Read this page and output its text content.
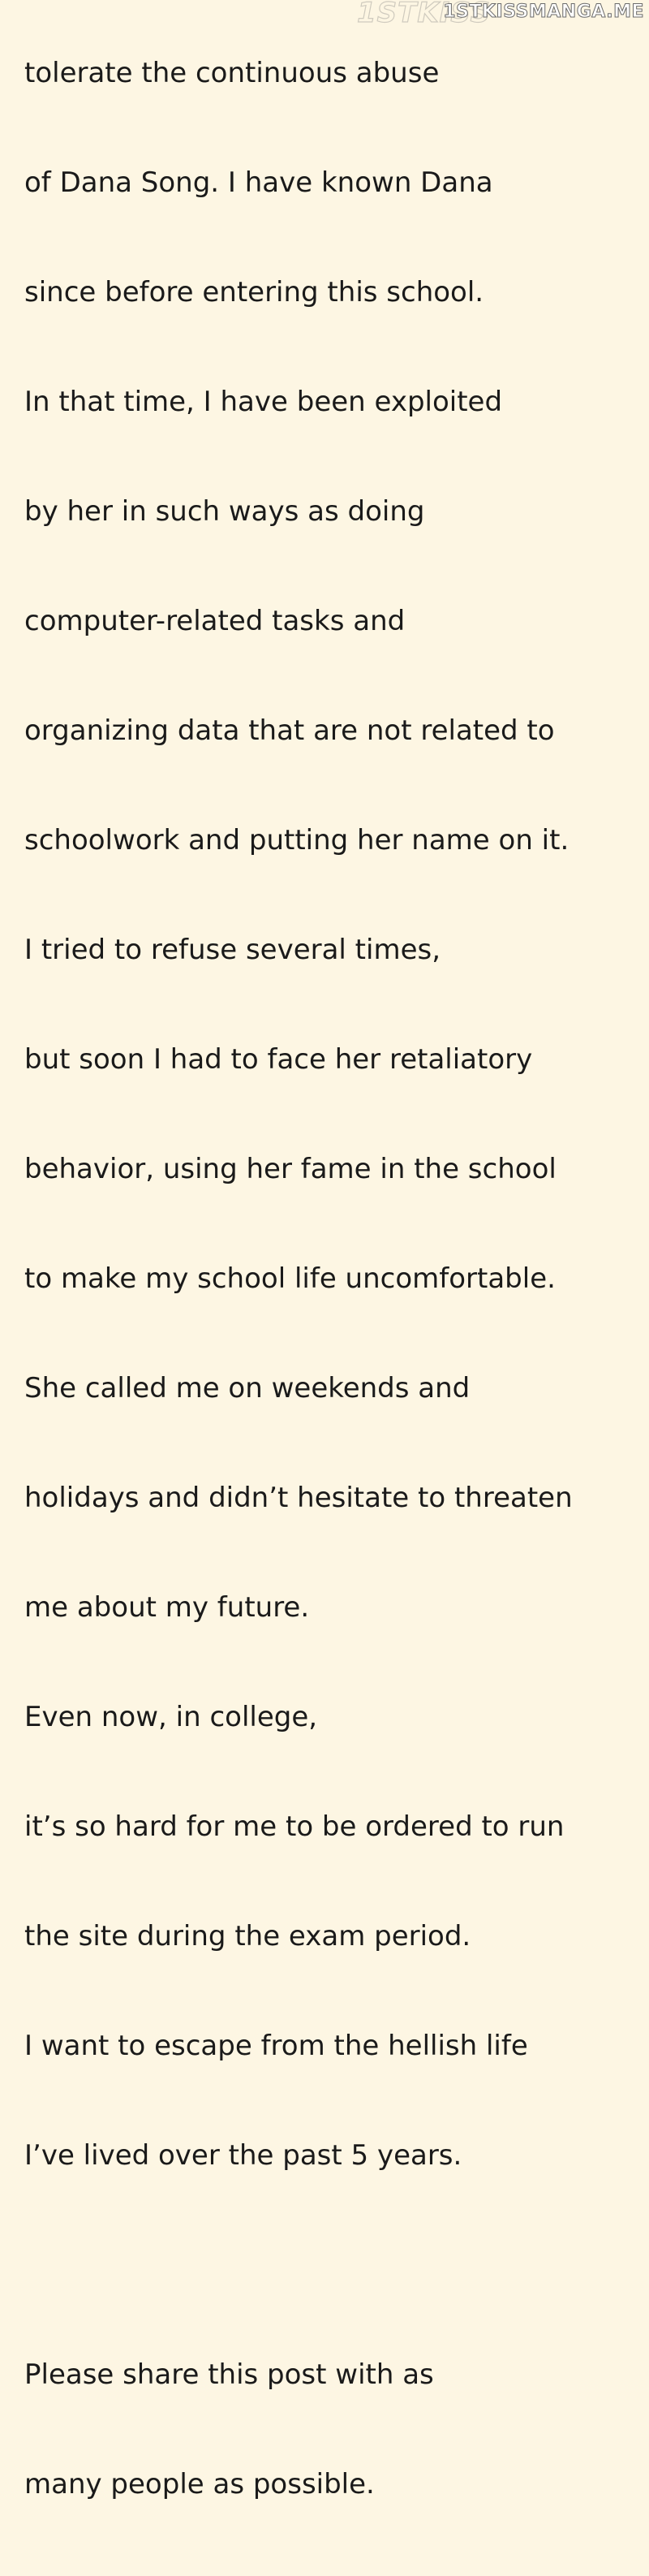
tolerate the continuous abuse

of Dana Song. I have known Dana

since before entering this school.

In that time, I have been exploited

by her in such ways as doing

computer-related tasks and

organizing data that are not related to

schoolwork and putting her name on it.

I tried to refuse several times,

but soon I had to face her retaliatory

behavior, using her fame in the school

to make my school life uncomfortable.

She called me on weekends and

holidays and didn’t hesitate to threaten

me about my future.

Even now, in college,

it’s so hard for me to be ordered to run

the site during the exam period.

I want to escape from the hellish life

I’ve lived over the past 5 years.

Please share this post with as

many people as possible.

1STKISS
1STKISSMANGA.ME
